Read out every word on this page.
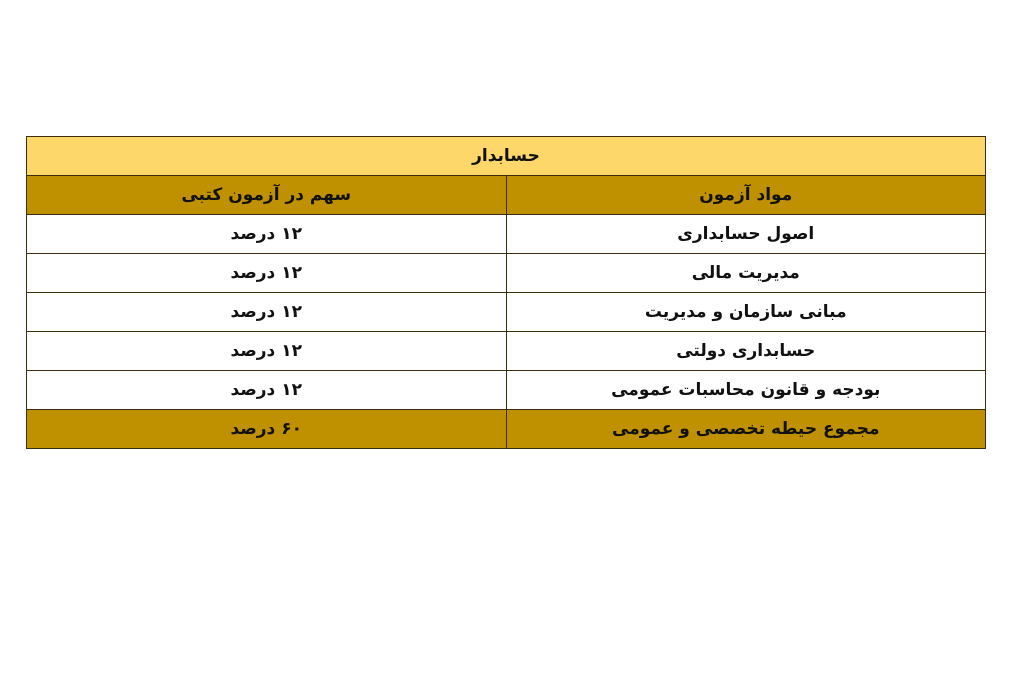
حسابدار	
مواد آزمون	سهم در آزمون کتبی
اصول حسابداری	۱۲ درصد
مدیریت مالی	۱۲ درصد
مبانی سازمان و مدیریت	۱۲ درصد
حسابداری دولتی	۱۲ درصد
بودجه و قانون محاسبات عمومی	۱۲ درصد
مجموع حیطه تخصصی و عمومی	۶۰ درصد
